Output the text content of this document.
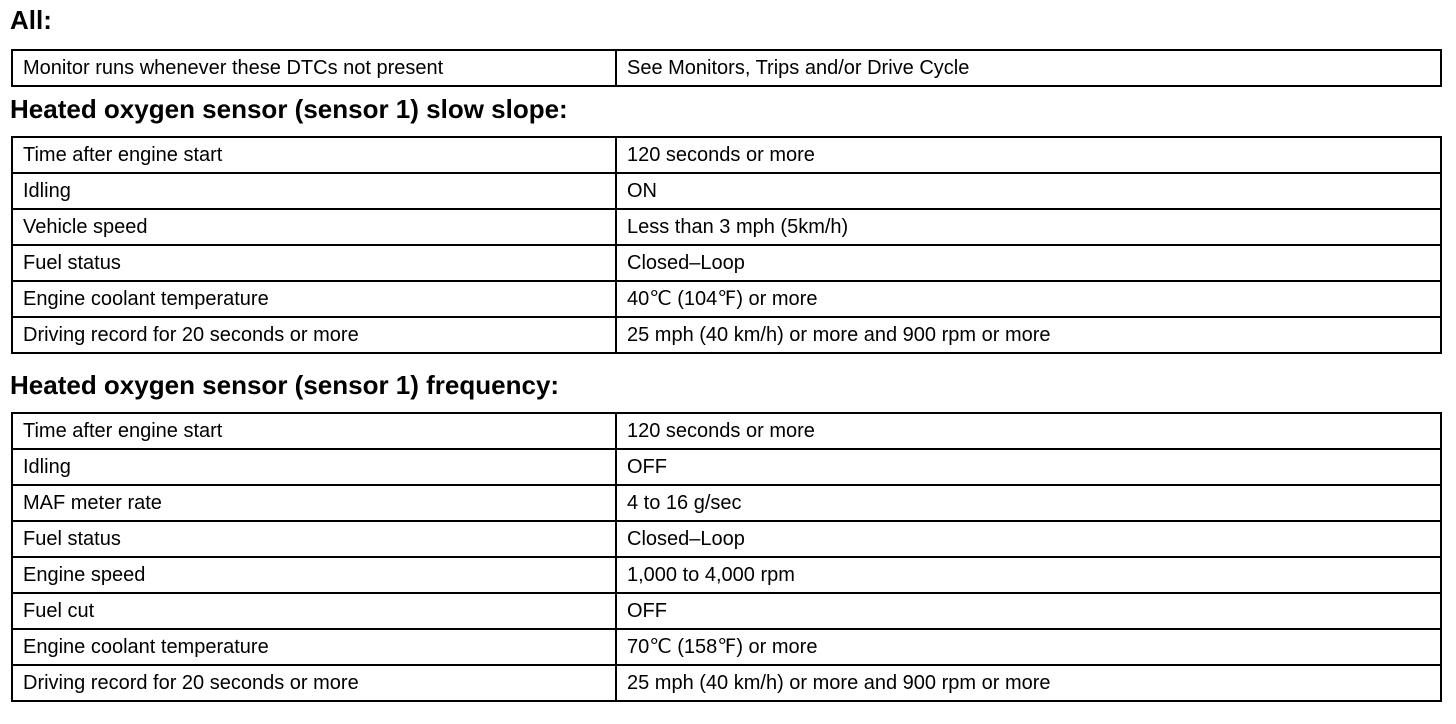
All:
Monitor runs whenever these DTCs not present	See Monitors, Trips and/or Drive Cycle
Heated oxygen sensor (sensor 1) slow slope:
Time after engine start	120 seconds or more
Idling	ON
Vehicle speed	Less than 3 mph (5km/h)
Fuel status	Closed–Loop
Engine coolant temperature	40℃ (104℉) or more
Driving record for 20 seconds or more	25 mph (40 km/h) or more and 900 rpm or more
Heated oxygen sensor (sensor 1) frequency:
Time after engine start	120 seconds or more
Idling	OFF
MAF meter rate	4 to 16 g/sec
Fuel status	Closed–Loop
Engine speed	1,000 to 4,000 rpm
Fuel cut	OFF
Engine coolant temperature	70℃ (158℉) or more
Driving record for 20 seconds or more	25 mph (40 km/h) or more and 900 rpm or more
